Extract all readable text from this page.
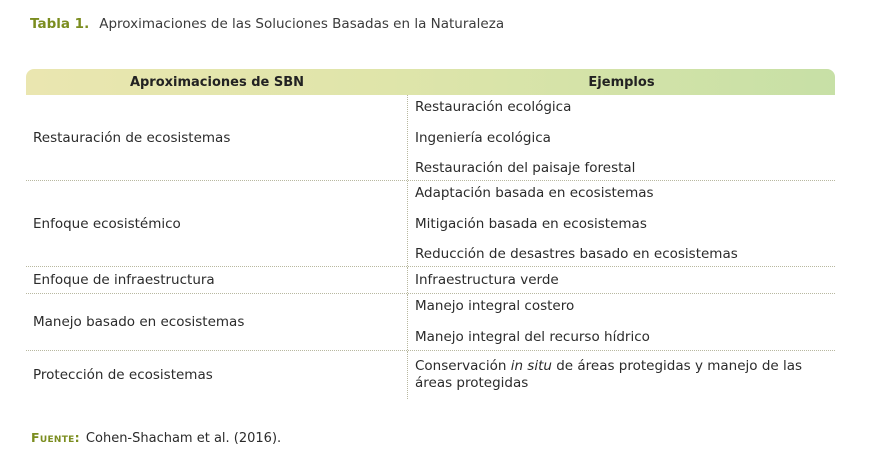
Tabla 1. Aproximaciones de las Soluciones Basadas en la Naturaleza
Aproximaciones de SBN	Ejemplos
Restauración de ecosistemas
Restauración ecológica
Ingeniería ecológica
Restauración del paisaje forestal
Enfoque ecosistémico
Adaptación basada en ecosistemas
Mitigación basada en ecosistemas
Reducción de desastres basado en ecosistemas
Enfoque de infraestructura	Infraestructura verde
Manejo basado en ecosistemas
Manejo integral costero
Manejo integral del recurso hídrico
Protección de ecosistemas
Conservación in situ de áreas protegidas y manejo de las áreas protegidas
Fuente: Cohen-Shacham et al. (2016).
